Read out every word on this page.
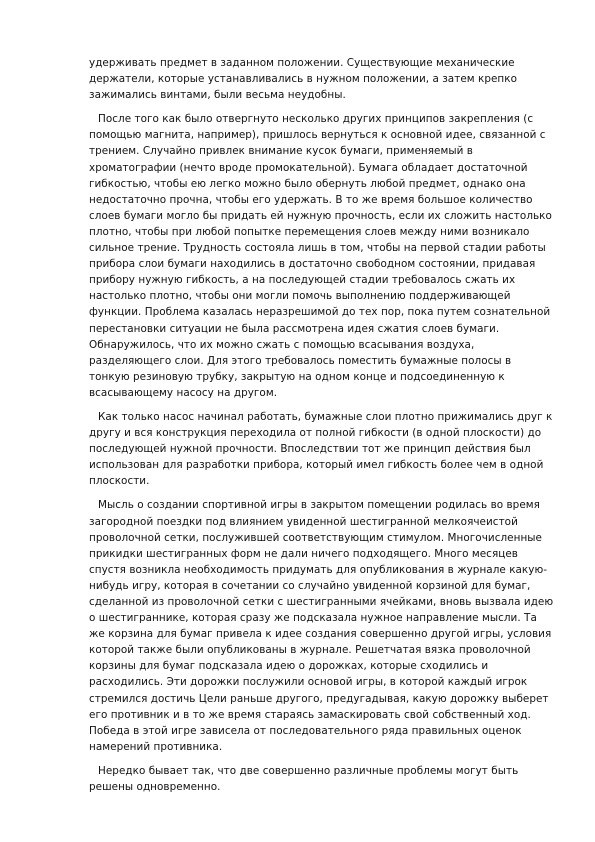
удерживать предмет в заданном положении. Существующие механические держатели, которые устанавливались в нужном положении, а затем крепко зажимались винтами, были весьма неудобны.

После того как было отвергнуто несколько других принципов закрепления (с помощью магнита, например), пришлось вернуться к основной идее, связанной с трением. Случайно привлек внимание кусок бумаги, применяемый в хроматографии (нечто вроде промокательной). Бумага обладает достаточной гибкостью, чтобы ею легко можно было обернуть любой предмет, однако она недостаточно прочна, чтобы его удержать. В то же время большое количество слоев бумаги могло бы придать ей нужную прочность, если их сложить настолько плотно, чтобы при любой попытке перемещения слоев между ними возникало сильное трение. Трудность состояла лишь в том, чтобы на первой стадии работы прибора слои бумаги находились в достаточно свободном состоянии, придавая прибору нужную гибкость, а на последующей стадии требовалось сжать их настолько плотно, чтобы они могли помочь выполнению поддерживающей функции. Проблема казалась неразрешимой до тех пор, пока путем сознательной перестановки ситуации не была рассмотрена идея сжатия слоев бумаги. Обнаружилось, что их можно сжать с помощью всасывания воздуха, разделяющего слои. Для этого требовалось поместить бумажные полосы в тонкую резиновую трубку, закрытую на одном конце и подсоединенную к всасывающему насосу на другом.

Как только насос начинал работать, бумажные слои плотно прижимались друг к другу и вся конструкция переходила от полной гибкости (в одной плоскости) до последующей нужной прочности. Впоследствии тот же принцип действия был использован для разработки прибора, который имел гибкость более чем в одной плоскости.

Мысль о создании спортивной игры в закрытом помещении родилась во время загородной поездки под влиянием увиденной шестигранной мелкоячеистой проволочной сетки, послужившей соответствующим стимулом. Многочисленные прикидки шестигранных форм не дали ничего подходящего. Много месяцев спустя возникла необходимость придумать для опубликования в журнале какую-нибудь игру, которая в сочетании со случайно увиденной корзиной для бумаг, сделанной из проволочной сетки с шестигранными ячейками, вновь вызвала идею о шестиграннике, которая сразу же подсказала нужное направление мысли. Та же корзина для бумаг привела к идее создания совершенно другой игры, условия которой также были опубликованы в журнале. Решетчатая вязка проволочной корзины для бумаг подсказала идею о дорожках, которые сходились и расходились. Эти дорожки послужили основой игры, в которой каждый игрок стремился достичь Цели раньше другого, предугадывая, какую дорожку выберет его противник и в то же время стараясь замаскировать свой собственный ход. Победа в этой игре зависела от последовательного ряда правильных оценок намерений противника.

Нередко бывает так, что две совершенно различные проблемы могут быть решены одновременно.
